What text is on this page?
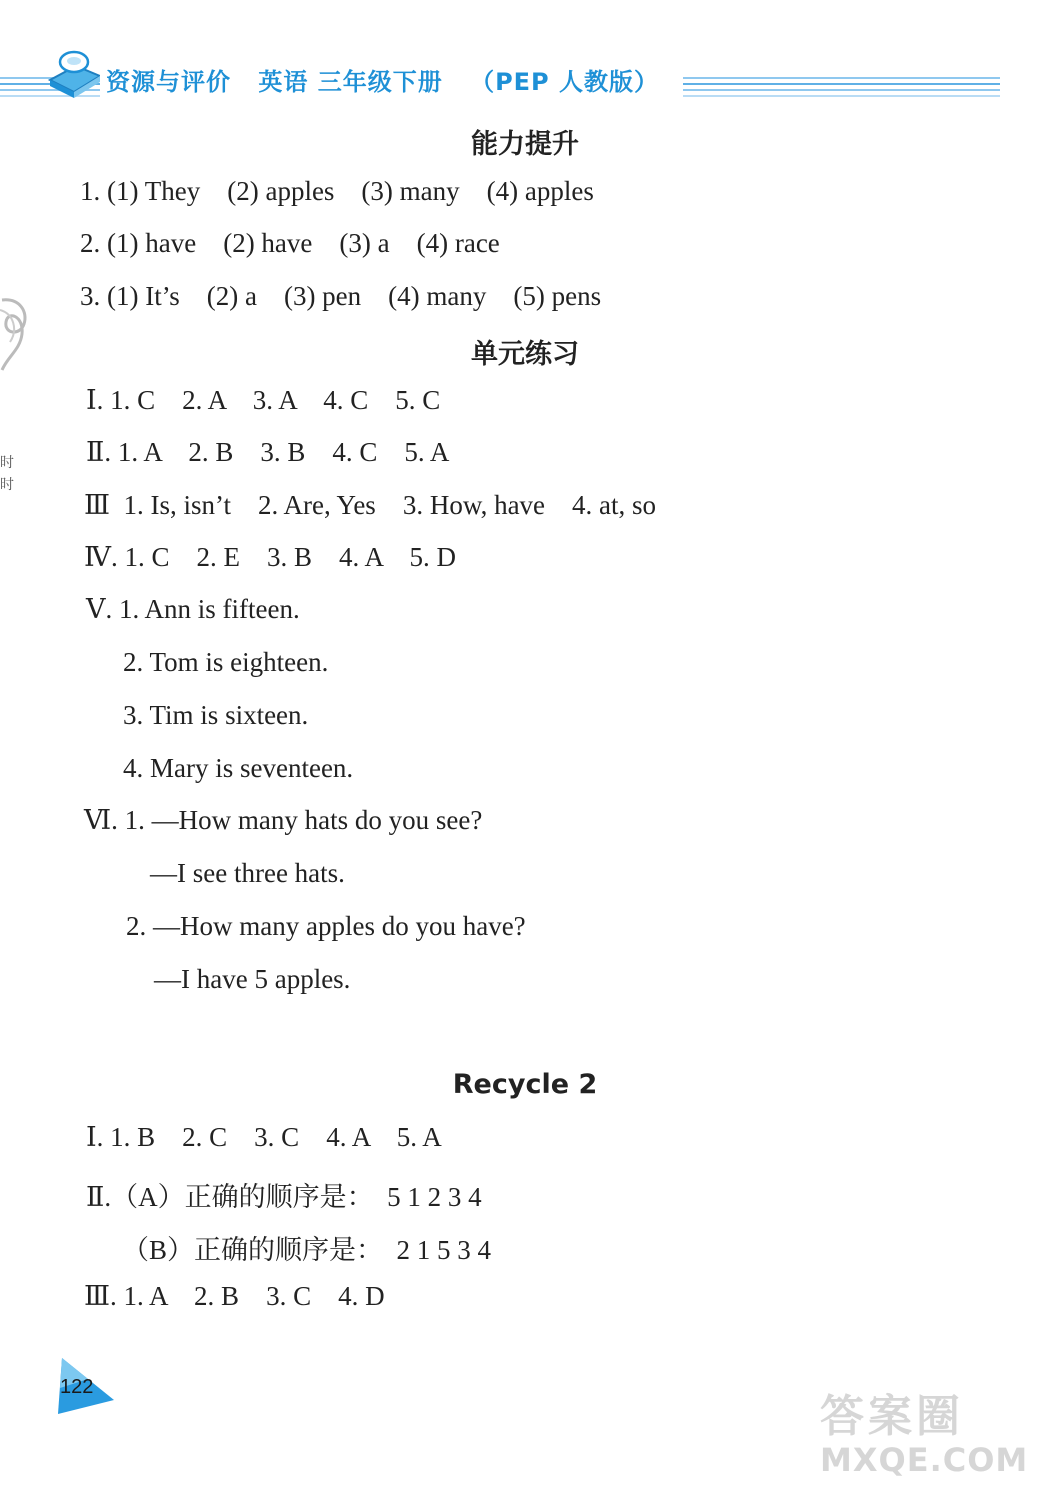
资源与评价 英语 三年级下册 （PEP 人教版）
时
时
能力提升
1. (1) They    (2) apples    (3) many    (4) apples
2. (1) have    (2) have    (3) a    (4) race
3. (1) It’s    (2) a    (3) pen    (4) many    (5) pens
单元练习
Ⅰ. 1. C    2. A    3. A    4. C    5. C
Ⅱ. 1. A    2. B    3. B    4. C    5. A
Ⅲ  1. Is, isn’t    2. Are, Yes    3. How, have    4. at, so
Ⅳ. 1. C    2. E    3. B    4. A    5. D
Ⅴ. 1. Ann is fifteen.
2. Tom is eighteen.
3. Tim is sixteen.
4. Mary is seventeen.
Ⅵ. 1. —How many hats do you see?
—I see three hats.
2. —How many apples do you have?
—I have 5 apples.
Recycle 2
Ⅰ. 1. B    2. C    3. C    4. A    5. A
Ⅱ.（A）正确的顺序是：  5 1 2 3 4
（B）正确的顺序是：  2 1 5 3 4
Ⅲ. 1. A    2. B    3. C    4. D
122
答案圈
MXQE.COM
